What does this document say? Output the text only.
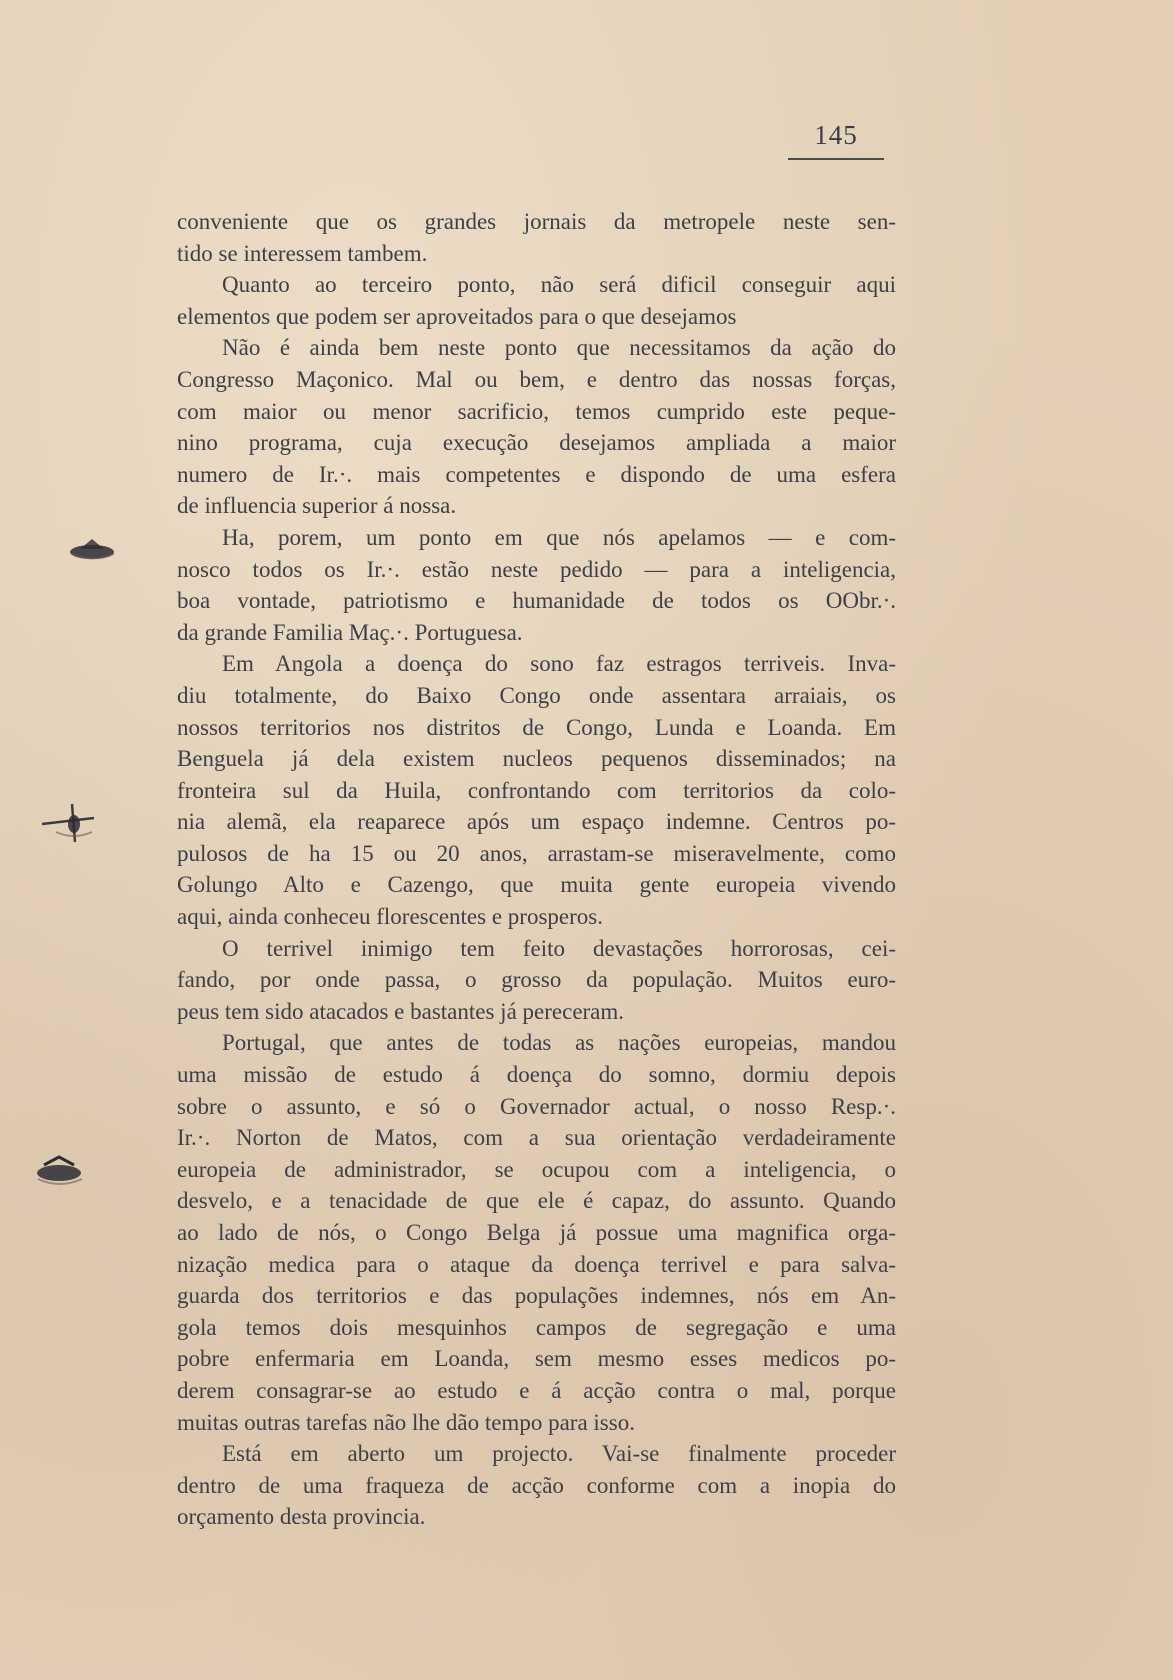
145
conveniente que os grandes jornais da metropele neste sen-
tido se interessem tambem.
Quanto ao terceiro ponto, não será dificil conseguir aqui
elementos que podem ser aproveitados para o que desejamos
Não é ainda bem neste ponto que necessitamos da ação do
Congresso Maçonico. Mal ou bem, e dentro das nossas forças,
com maior ou menor sacrificio, temos cumprido este peque-
nino programa, cuja execução desejamos ampliada a maior
numero de Ir.·. mais competentes e dispondo de uma esfera
de influencia superior á nossa.
Ha, porem, um ponto em que nós apelamos — e com-
nosco todos os Ir.·. estão neste pedido — para a inteligencia,
boa vontade, patriotismo e humanidade de todos os OObr.·.
da grande Familia Maç.·. Portuguesa.
Em Angola a doença do sono faz estragos terriveis. Inva-
diu totalmente, do Baixo Congo onde assentara arraiais, os
nossos territorios nos distritos de Congo, Lunda e Loanda. Em
Benguela já dela existem nucleos pequenos disseminados; na
fronteira sul da Huila, confrontando com territorios da colo-
nia alemã, ela reaparece após um espaço indemne. Centros po-
pulosos de ha 15 ou 20 anos, arrastam-se miseravelmente, como
Golungo Alto e Cazengo, que muita gente europeia vivendo
aqui, ainda conheceu florescentes e prosperos.
O terrivel inimigo tem feito devastações horrorosas, cei-
fando, por onde passa, o grosso da população. Muitos euro-
peus tem sido atacados e bastantes já pereceram.
Portugal, que antes de todas as nações europeias, mandou
uma missão de estudo á doença do somno, dormiu depois
sobre o assunto, e só o Governador actual, o nosso Resp.·.
Ir.·. Norton de Matos, com a sua orientação verdadeiramente
europeia de administrador, se ocupou com a inteligencia, o
desvelo, e a tenacidade de que ele é capaz, do assunto. Quando
ao lado de nós, o Congo Belga já possue uma magnifica orga-
nização medica para o ataque da doença terrivel e para salva-
guarda dos territorios e das populações indemnes, nós em An-
gola temos dois mesquinhos campos de segregação e uma
pobre enfermaria em Loanda, sem mesmo esses medicos po-
derem consagrar-se ao estudo e á acção contra o mal, porque
muitas outras tarefas não lhe dão tempo para isso.
Está em aberto um projecto. Vai-se finalmente proceder
dentro de uma fraqueza de acção conforme com a inopia do
orçamento desta provincia.
